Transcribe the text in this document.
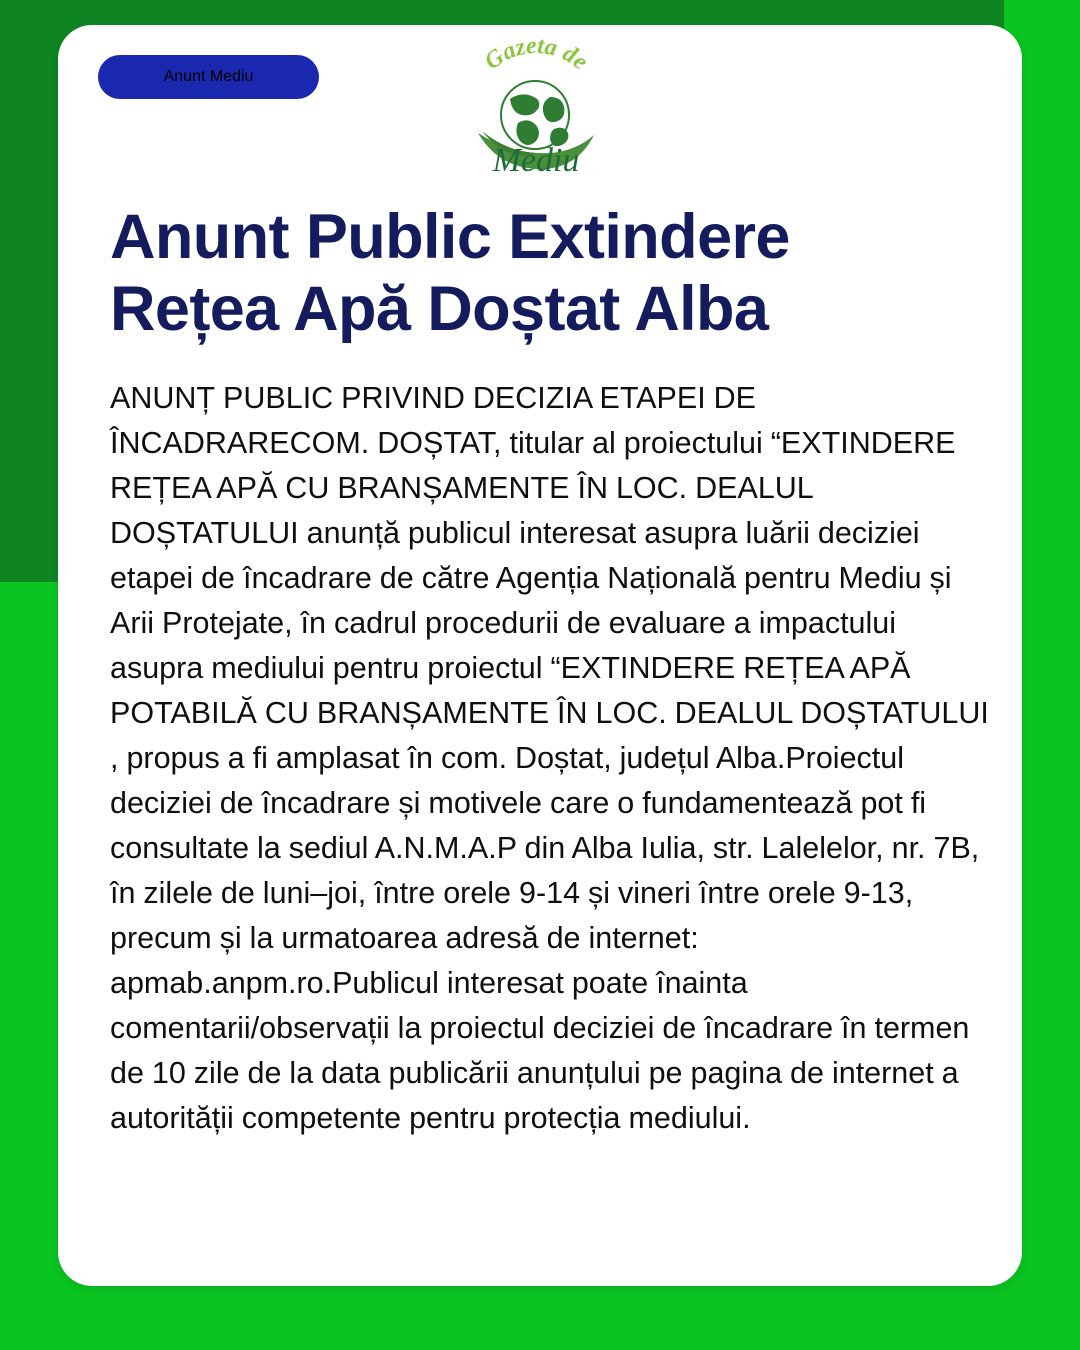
Anunt Mediu
Gazeta de
Mediu
Anunt Public Extindere Rețea Apă Doștat Alba

ANUNȚ PUBLIC PRIVIND DECIZIA ETAPEI DE ÎNCADRARECOM. DOȘTAT, titular al proiectului “EXTINDERE REȚEA APĂ CU BRANȘAMENTE ÎN LOC. DEALUL DOȘTATULUI anunță publicul interesat asupra luării deciziei etapei de încadrare de către Agenția Națională pentru Mediu și Arii Protejate, în cadrul procedurii de evaluare a impactului asupra mediului pentru proiectul “EXTINDERE REȚEA APĂ POTABILĂ CU BRANȘAMENTE ÎN LOC. DEALUL DOȘTATULUI , propus a fi amplasat în com. Doștat, județul Alba.Proiectul deciziei de încadrare și motivele care o fundamentează pot fi consultate la sediul A.N.M.A.P din Alba Iulia, str. Lalelelor, nr. 7B, în zilele de luni–joi, între orele 9-14 și vineri între orele 9-13, precum și la urmatoarea adresă de internet: apmab.anpm.ro.Publicul interesat poate înainta comentarii/observații la proiectul deciziei de încadrare în termen de 10 zile de la data publicării anunțului pe pagina de internet a autorității competente pentru protecția mediului.
